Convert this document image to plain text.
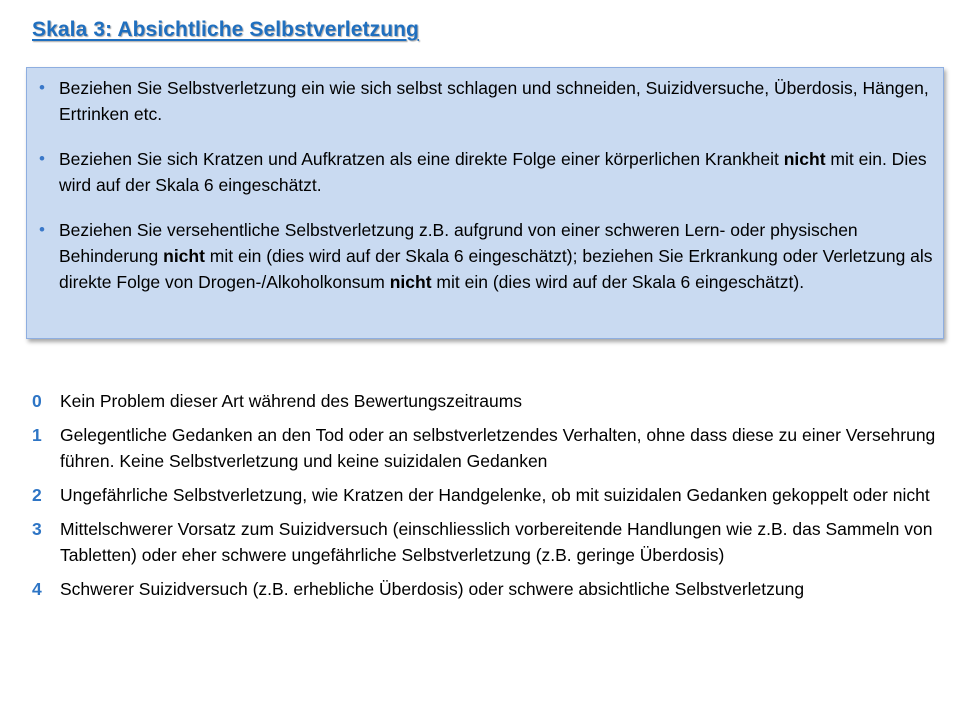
Skala 3: Absichtliche Selbstverletzung
• Beziehen Sie Selbstverletzung ein wie sich selbst schlagen und schneiden, Suizidversuche, Überdosis, Hängen, Ertrinken etc.
• Beziehen Sie sich Kratzen und Aufkratzen als eine direkte Folge einer körperlichen Krankheit nicht mit ein. Dies wird auf der Skala 6 eingeschätzt.
• Beziehen Sie versehentliche Selbstverletzung z.B. aufgrund von einer schweren Lern- oder physischen Behinderung nicht mit ein (dies wird auf der Skala 6 eingeschätzt); beziehen Sie Erkrankung oder Verletzung als direkte Folge von Drogen-/Alkoholkonsum nicht mit ein (dies wird auf der Skala 6 eingeschätzt).
0	Kein Problem dieser Art während des Bewertungszeitraums
1	Gelegentliche Gedanken an den Tod oder an selbstverletzendes Verhalten, ohne dass diese zu einer Versehrung führen. Keine Selbstverletzung und keine suizidalen Gedanken
2	Ungefährliche Selbstverletzung, wie Kratzen der Handgelenke, ob mit suizidalen Gedanken gekoppelt oder nicht
3	Mittelschwerer Vorsatz zum Suizidversuch (einschliesslich vorbereitende Handlungen wie z.B. das Sammeln von Tabletten) oder eher schwere ungefährliche Selbstverletzung (z.B. geringe Überdosis)
4	Schwerer Suizidversuch (z.B. erhebliche Überdosis) oder schwere absichtliche Selbstverletzung
